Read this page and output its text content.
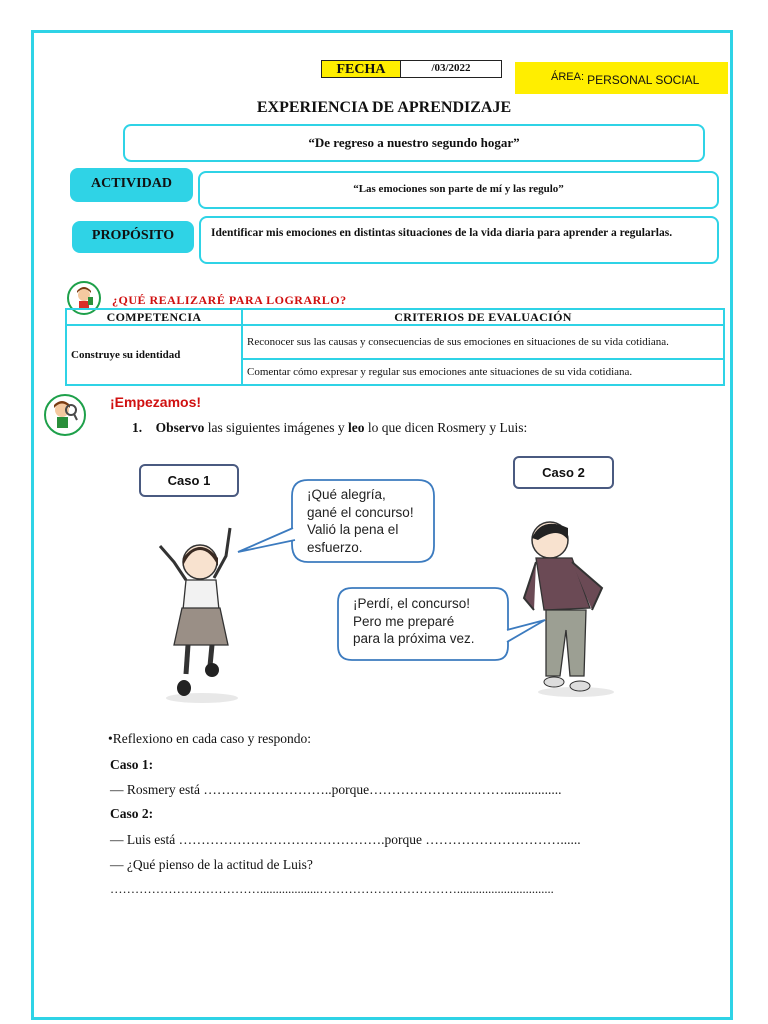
FECHA	/03/2022
ÁREA: PERSONAL SOCIAL
EXPERIENCIA DE APRENDIZAJE
“De regreso a nuestro segundo hogar”
ACTIVIDAD	“Las emociones son parte de mí y las regulo”
PROPÓSITO	Identificar mis emociones en distintas situaciones de la vida diaria para aprender a regularlas.
¿QUÉ REALIZARÉ PARA LOGRARLO?
COMPETENCIA	CRITERIOS DE EVALUACIÓN
Construye su identidad	Reconocer sus las causas y consecuencias de sus emociones en situaciones de su vida cotidiana.
	Comentar cómo expresar y regular sus emociones ante situaciones de su vida cotidiana.
¡Empezamos!
1. Observo las siguientes imágenes y leo lo que dicen Rosmery y Luis:
Caso 1
Caso 2
¡Qué alegría,
gané el concurso!
Valió la pena el
esfuerzo.
¡Perdí, el concurso!
Pero me preparé
para la próxima vez.
•Reflexiono en cada caso y respondo:
Caso 1:
— Rosmery está ………………………..porque………………………….................
Caso 2:
— Luis está ……………………………………….porque …………………………......
— ¿Qué pienso de la actitud de Luis?
………………………………...................……………………………...............................
